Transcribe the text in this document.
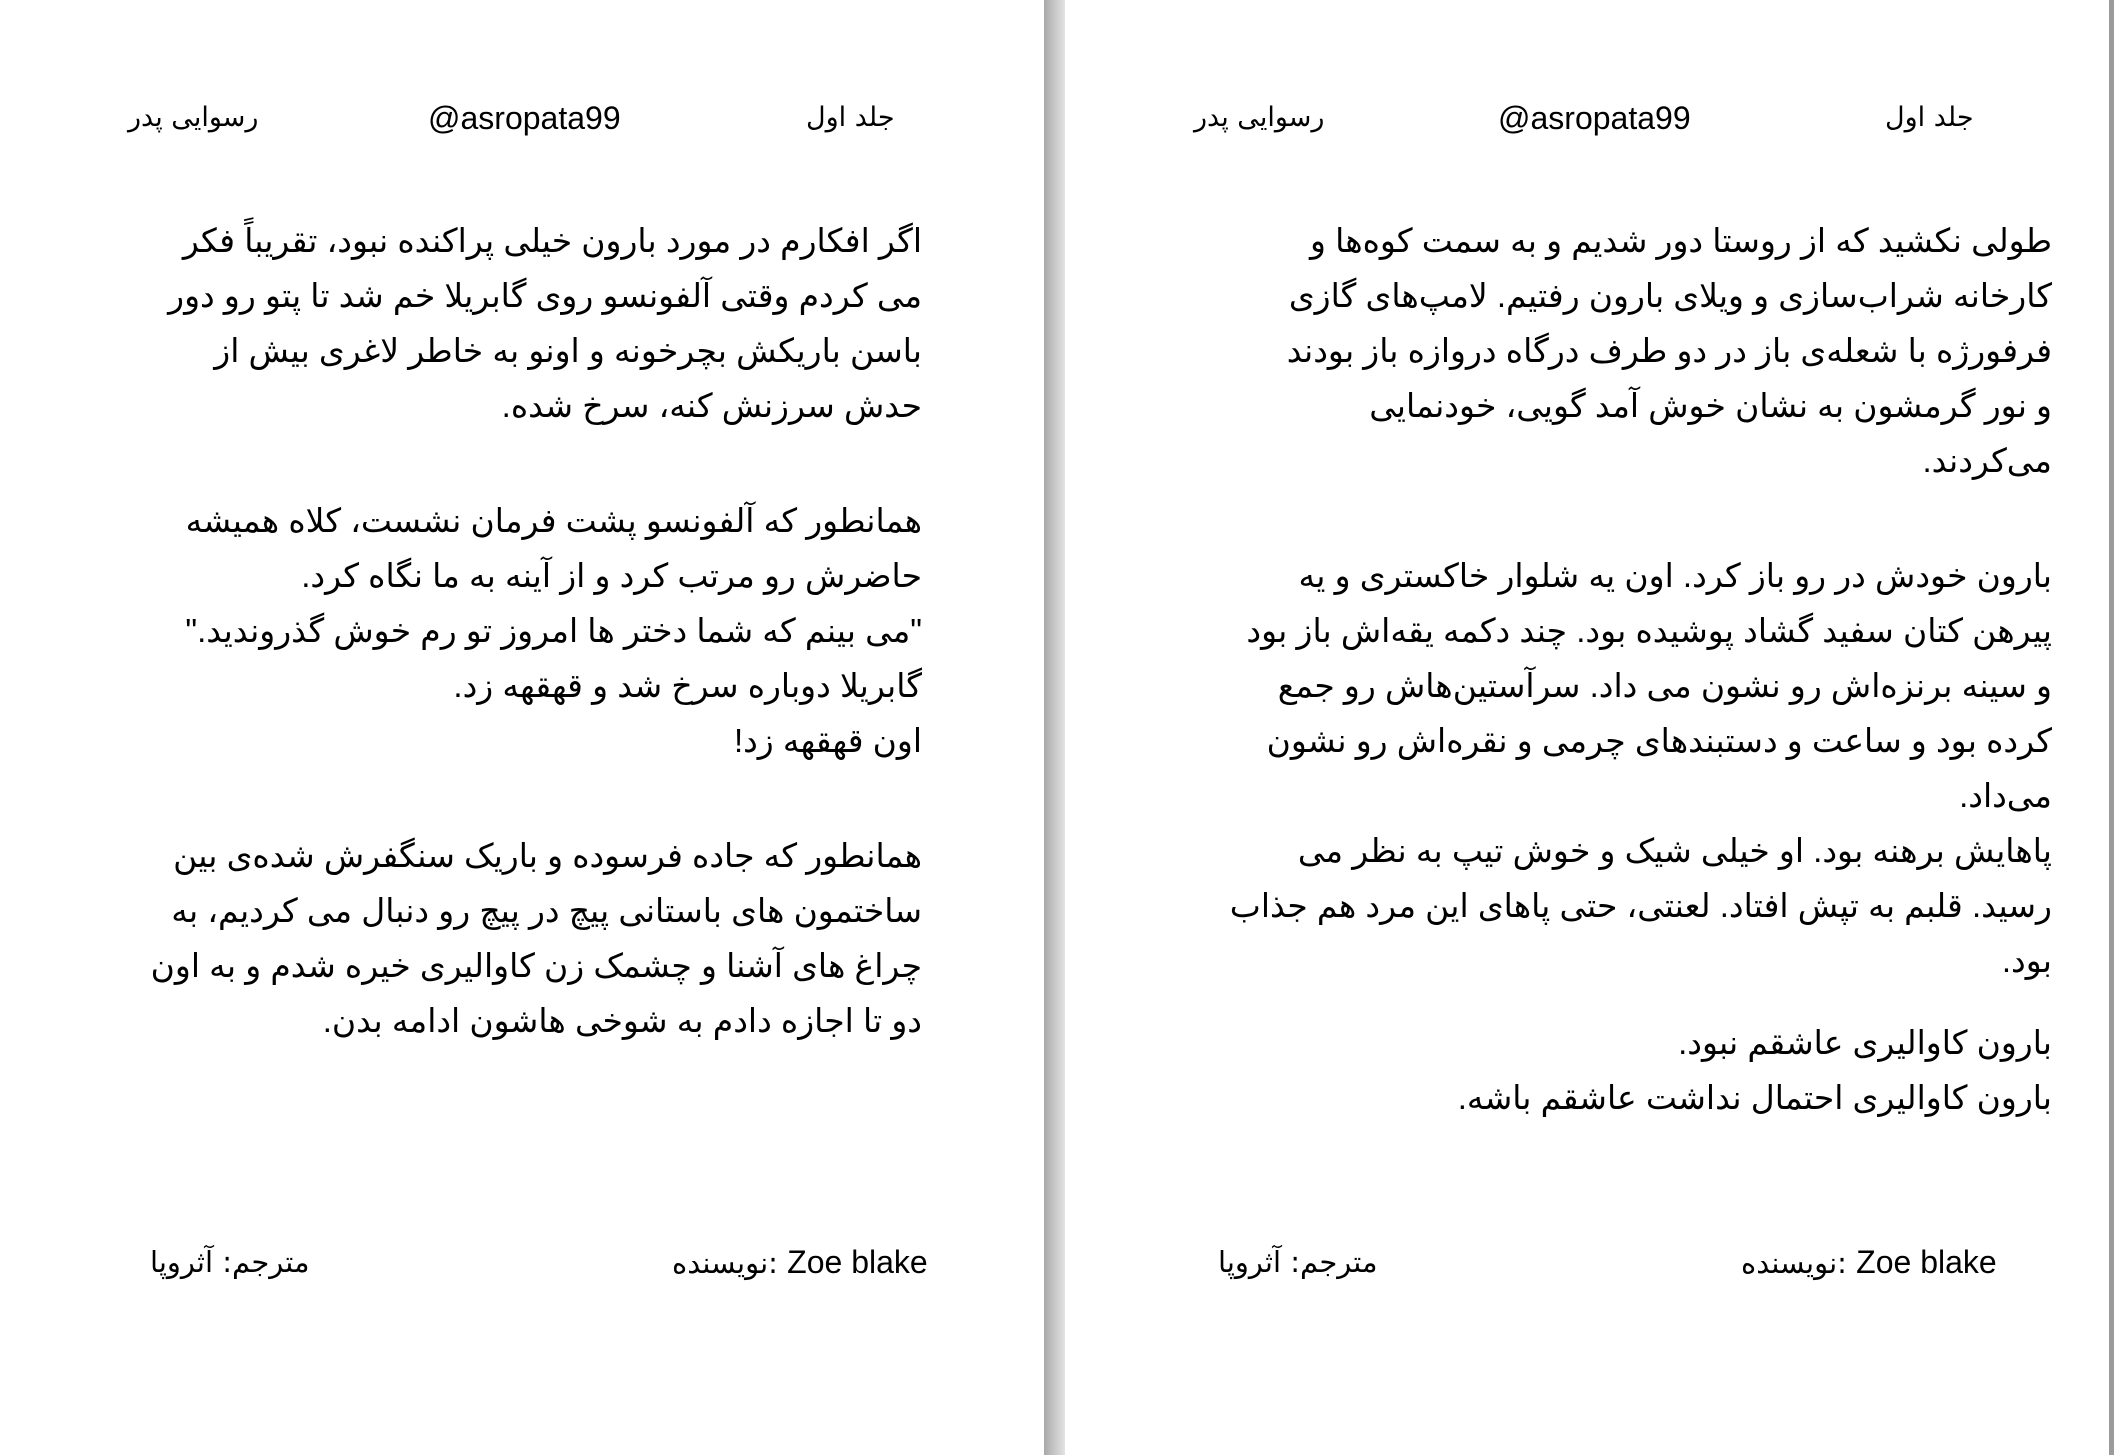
جلد اول
@asropata99
رسوایی پدر

اگر افکارم در مورد بارون خیلی پراکنده نبود، تقریباً فکر

می کردم وقتی آلفونسو روی گابریلا خم شد تا پتو رو دور

باسن باریکش بچرخونه و اونو به خاطر لاغری بیش از

حدش سرزنش کنه، سرخ شده.

همانطور که آلفونسو پشت فرمان نشست، کلاه همیشه

حاضرش رو مرتب کرد و از آینه به ما نگاه کرد.

"می بینم که شما دختر ها امروز تو رم خوش گذروندید."

گابریلا دوباره سرخ شد و قهقهه زد.

اون قهقهه زد!

همانطور که جاده فرسوده و باریک سنگفرش شده‌ی بین

ساختمون های باستانی پیچ در پیچ رو دنبال می کردیم، به

چراغ های آشنا و چشمک زن کاوالیری خیره شدم و به اون

دو تا اجازه دادم به شوخی هاشون ادامه بدن.

نویسنده: Zoe blake
مترجم: آثروپا
جلد اول
@asropata99
رسوایی پدر

طولی نکشید که از روستا دور شدیم و به سمت کوه‌ها و

کارخانه شراب‌سازی و ویلای بارون رفتیم. لامپ‌های گازی

فرفورژه با شعله‌ی باز در دو طرف درگاه دروازه باز بودند

و نور گرمشون به نشان خوش آمد گویی، خودنمایی

می‌کردند.

بارون خودش در رو باز کرد. اون یه شلوار خاکستری و یه

پیرهن کتان سفید گشاد پوشیده بود. چند دکمه یقه‌اش باز بود

و سینه برنزه‌اش رو نشون می داد. سرآستین‌هاش رو جمع

کرده بود و ساعت و دستبندهای چرمی و نقره‌اش رو نشون

می‌داد.

پاهایش برهنه بود. او خیلی شیک و خوش تیپ به نظر می

رسید. قلبم به تپش افتاد. لعنتی، حتی پاهای این مرد هم جذاب

بود.

بارون کاوالیری عاشقم نبود.

بارون کاوالیری احتمال نداشت عاشقم باشه.

نویسنده: Zoe blake
مترجم: آثروپا
